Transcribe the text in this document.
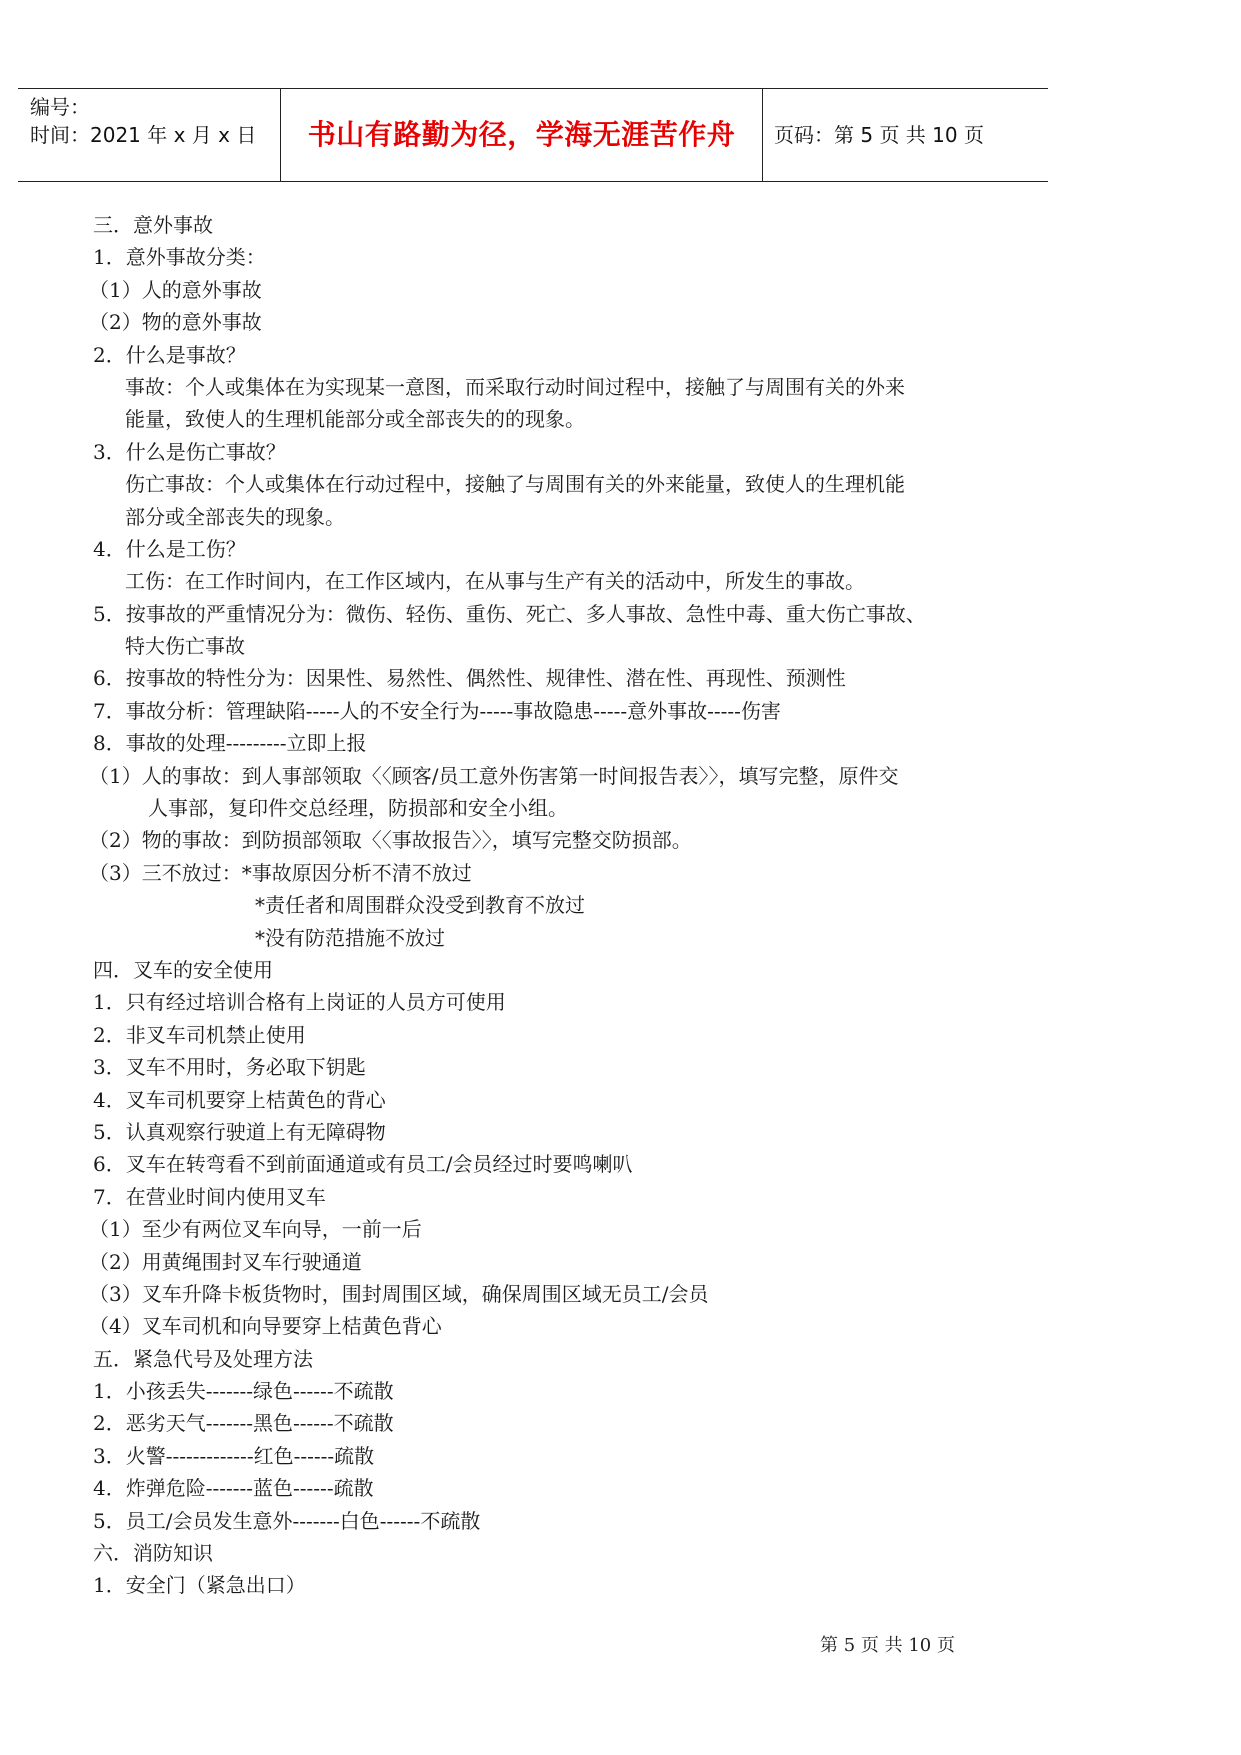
编号：
时间：2021 年 x 月 x 日	书山有路勤为径，学海无涯苦作舟	页码：第 5 页 共 10 页
三．意外事故
1．意外事故分类：
（1）人的意外事故
（2）物的意外事故
2．什么是事故？
事故：个人或集体在为实现某一意图，而采取行动时间过程中，接触了与周围有关的外来
能量，致使人的生理机能部分或全部丧失的的现象。
3．什么是伤亡事故？
伤亡事故：个人或集体在行动过程中，接触了与周围有关的外来能量，致使人的生理机能
部分或全部丧失的现象。
4．什么是工伤？
工伤：在工作时间内，在工作区域内，在从事与生产有关的活动中，所发生的事故。
5．按事故的严重情况分为：微伤、轻伤、重伤、死亡、多人事故、急性中毒、重大伤亡事故、
特大伤亡事故
6．按事故的特性分为：因果性、易然性、偶然性、规律性、潜在性、再现性、预测性
7．事故分析：管理缺陷-----人的不安全行为-----事故隐患-----意外事故-----伤害
8．事故的处理---------立即上报
（1）人的事故：到人事部领取〈〈顾客/员工意外伤害第一时间报告表〉〉，填写完整，原件交
人事部，复印件交总经理，防损部和安全小组。
（2）物的事故：到防损部领取〈〈事故报告〉〉，填写完整交防损部。
（3）三不放过：*事故原因分析不清不放过
*责任者和周围群众没受到教育不放过
*没有防范措施不放过
四．叉车的安全使用
1．只有经过培训合格有上岗证的人员方可使用
2．非叉车司机禁止使用
3．叉车不用时，务必取下钥匙
4．叉车司机要穿上桔黄色的背心
5．认真观察行驶道上有无障碍物
6．叉车在转弯看不到前面通道或有员工/会员经过时要鸣喇叭
7．在营业时间内使用叉车
（1）至少有两位叉车向导，一前一后
（2）用黄绳围封叉车行驶通道
（3）叉车升降卡板货物时，围封周围区域，确保周围区域无员工/会员
（4）叉车司机和向导要穿上桔黄色背心
五．紧急代号及处理方法
1．小孩丢失-------绿色------不疏散
2．恶劣天气-------黑色------不疏散
3．火警-------------红色------疏散
4．炸弹危险-------蓝色------疏散
5．员工/会员发生意外-------白色------不疏散
六．消防知识
1．安全门（紧急出口）
第 5 页 共 10 页
